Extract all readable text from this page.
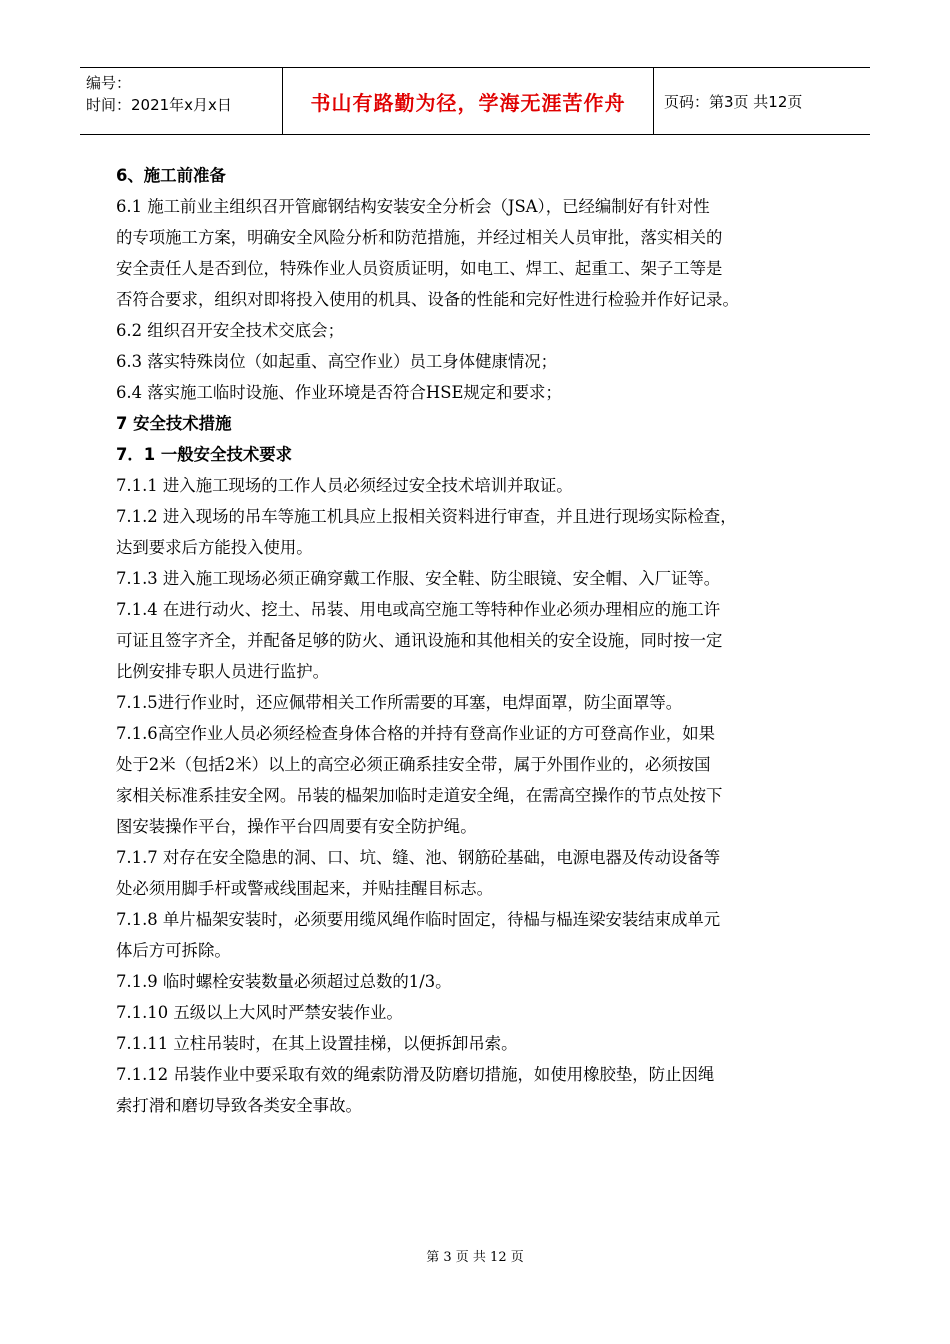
编号：
时间：2021年x月x日	书山有路勤为径，学海无涯苦作舟	页码：第3页 共12页
6、施工前准备
6.1 施工前业主组织召开管廊钢结构安装安全分析会（JSA），已经编制好有针对性
的专项施工方案，明确安全风险分析和防范措施，并经过相关人员审批，落实相关的
安全责任人是否到位，特殊作业人员资质证明，如电工、焊工、起重工、架子工等是
否符合要求，组织对即将投入使用的机具、设备的性能和完好性进行检验并作好记录。
6.2 组织召开安全技术交底会；
6.3 落实特殊岗位（如起重、高空作业）员工身体健康情况；
6.4 落实施工临时设施、作业环境是否符合HSE规定和要求；
7 安全技术措施
7．1 一般安全技术要求
7.1.1 进入施工现场的工作人员必须经过安全技术培训并取证。
7.1.2 进入现场的吊车等施工机具应上报相关资料进行审查，并且进行现场实际检查，
达到要求后方能投入使用。
7.1.3 进入施工现场必须正确穿戴工作服、安全鞋、防尘眼镜、安全帽、入厂证等。
7.1.4 在进行动火、挖土、吊装、用电或高空施工等特种作业必须办理相应的施工许
可证且签字齐全，并配备足够的防火、通讯设施和其他相关的安全设施，同时按一定
比例安排专职人员进行监护。
7.1.5进行作业时，还应佩带相关工作所需要的耳塞，电焊面罩，防尘面罩等。
7.1.6高空作业人员必须经检查身体合格的并持有登高作业证的方可登高作业，如果
处于2米（包括2米）以上的高空必须正确系挂安全带，属于外围作业的，必须按国
家相关标准系挂安全网。吊装的榀架加临时走道安全绳，在需高空操作的节点处按下
图安装操作平台，操作平台四周要有安全防护绳。
7.1.7 对存在安全隐患的洞、口、坑、缝、池、钢筋砼基础，电源电器及传动设备等
处必须用脚手杆或警戒线围起来，并贴挂醒目标志。
7.1.8 单片榀架安装时，必须要用缆风绳作临时固定，待榀与榀连梁安装结束成单元
体后方可拆除。
7.1.9 临时螺栓安装数量必须超过总数的1/3。
7.1.10 五级以上大风时严禁安装作业。
7.1.11 立柱吊装时，在其上设置挂梯，以便拆卸吊索。
7.1.12 吊装作业中要采取有效的绳索防滑及防磨切措施，如使用橡胶垫，防止因绳
索打滑和磨切导致各类安全事故。
第 3 页 共 12 页
